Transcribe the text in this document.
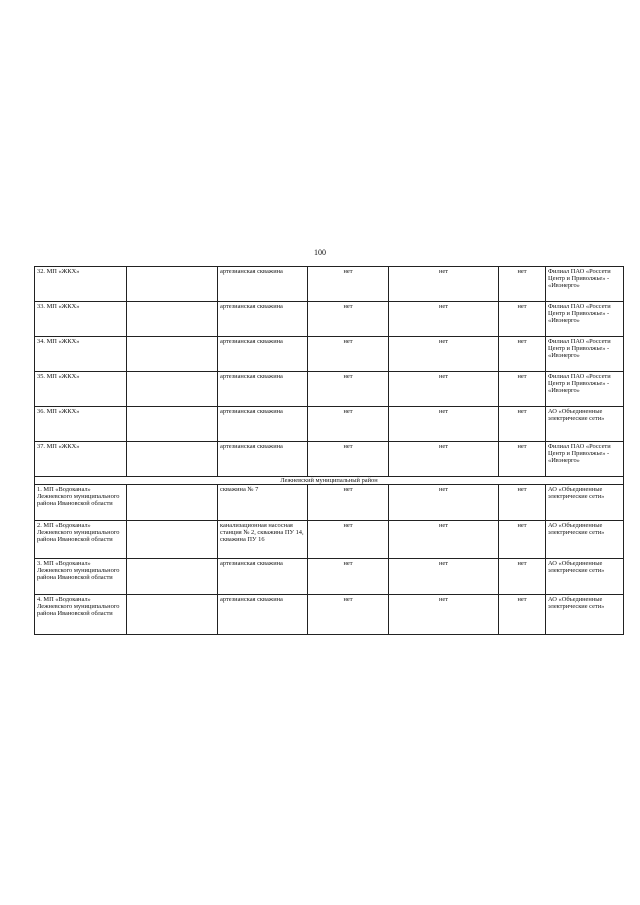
100
32. МП «ЖКХ»		артезианская скважина	нет	нет	нет	Филиал ПАО «Россети Центр и Приволжье» - «Ивэнерго»
33. МП «ЖКХ»		артезианская скважина	нет	нет	нет	Филиал ПАО «Россети Центр и Приволжье» - «Ивэнерго»
34. МП «ЖКХ»		артезианская скважина	нет	нет	нет	Филиал ПАО «Россети Центр и Приволжье» - «Ивэнерго»
35. МП «ЖКХ»		артезианская скважина	нет	нет	нет	Филиал ПАО «Россети Центр и Приволжье» - «Ивэнерго»
36. МП «ЖКХ»		артезианская скважина	нет	нет	нет	АО «Объединенные электрические сети»
37. МП «ЖКХ»		артезианская скважина	нет	нет	нет	Филиал ПАО «Россети Центр и Приволжье» - «Ивэнерго»
Лежневский муниципальный район						
1. МП «Водоканал» Лежневского муниципального района Ивановской области		скважина № 7	нет	нет	нет	АО «Объединенные электрические сети»
2. МП «Водоканал» Лежневского муниципального района Ивановской области		канализационная насосная станция № 2, скважина ПУ 14, скважина ПУ 16	нет	нет	нет	АО «Объединенные электрические сети»
3. МП «Водоканал» Лежневского муниципального района Ивановской области		артезианская скважина	нет	нет	нет	АО «Объединенные электрические сети»
4. МП «Водоканал» Лежневского муниципального района Ивановской области		артезианская скважина	нет	нет	нет	АО «Объединенные электрические сети»
